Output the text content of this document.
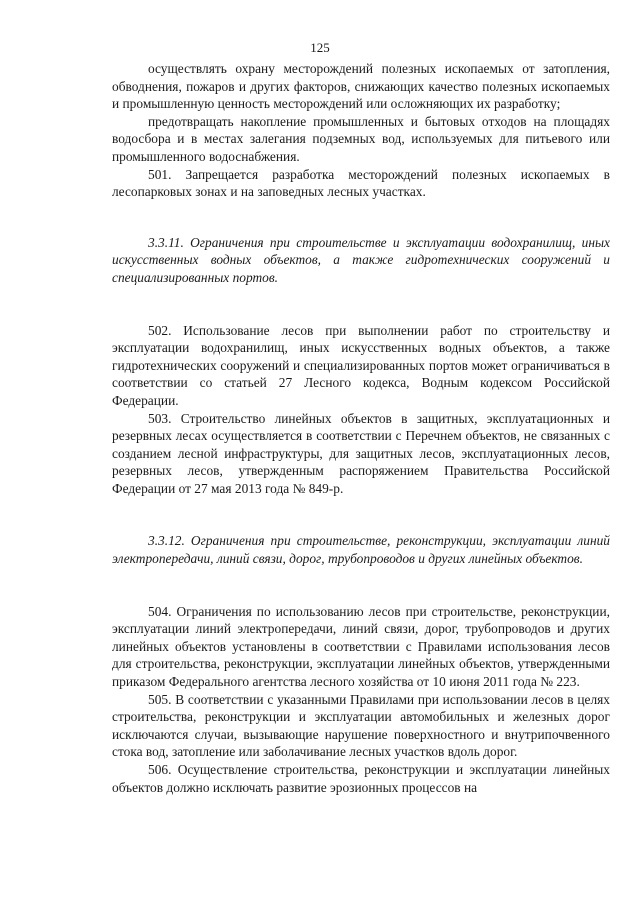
125

осуществлять охрану месторождений полезных ископаемых от затопления, обводнения, пожаров и других факторов, снижающих качество полезных ископаемых и промышленную ценность месторождений или осложняющих их разработку;

предотвращать накопление промышленных и бытовых отходов на площадях водосбора и в местах залегания подземных вод, используемых для питьевого или промышленного водоснабжения.

501. Запрещается разработка месторождений полезных ископаемых в лесопарковых зонах и на заповедных лесных участках.

3.3.11. Ограничения при строительстве и эксплуатации водохранилищ, иных искусственных водных объектов, а также гидротехнических сооружений и специализированных портов.

502. Использование лесов при выполнении работ по строительству и эксплуатации водохранилищ, иных искусственных водных объектов, а также гидротехнических сооружений и специализированных портов может ограничиваться в соответствии со статьей 27 Лесного кодекса, Водным кодексом Российской Федерации.

503. Строительство линейных объектов в защитных, эксплуатационных и резервных лесах осуществляется в соответствии с Перечнем объектов, не связанных с созданием лесной инфраструктуры, для защитных лесов, эксплуатационных лесов, резервных лесов, утвержденным распоряжением Правительства Российской Федерации от 27 мая 2013 года № 849-р.

3.3.12. Ограничения при строительстве, реконструкции, эксплуатации линий электропередачи, линий связи, дорог, трубопроводов и других линейных объектов.

504. Ограничения по использованию лесов при строительстве, реконструкции, эксплуатации линий электропередачи, линий связи, дорог, трубопроводов и других линейных объектов установлены в соответствии с Правилами использования лесов для строительства, реконструкции, эксплуатации линейных объектов, утвержденными приказом Федерального агентства лесного хозяйства от 10 июня 2011 года № 223.

505. В соответствии с указанными Правилами при использовании лесов в целях строительства, реконструкции и эксплуатации автомобильных и железных дорог исключаются случаи, вызывающие нарушение поверхностного и внутрипочвенного стока вод, затопление или заболачивание лесных участков вдоль дорог.

506. Осуществление строительства, реконструкции и эксплуатации линейных объектов должно исключать развитие эрозионных процессов на
